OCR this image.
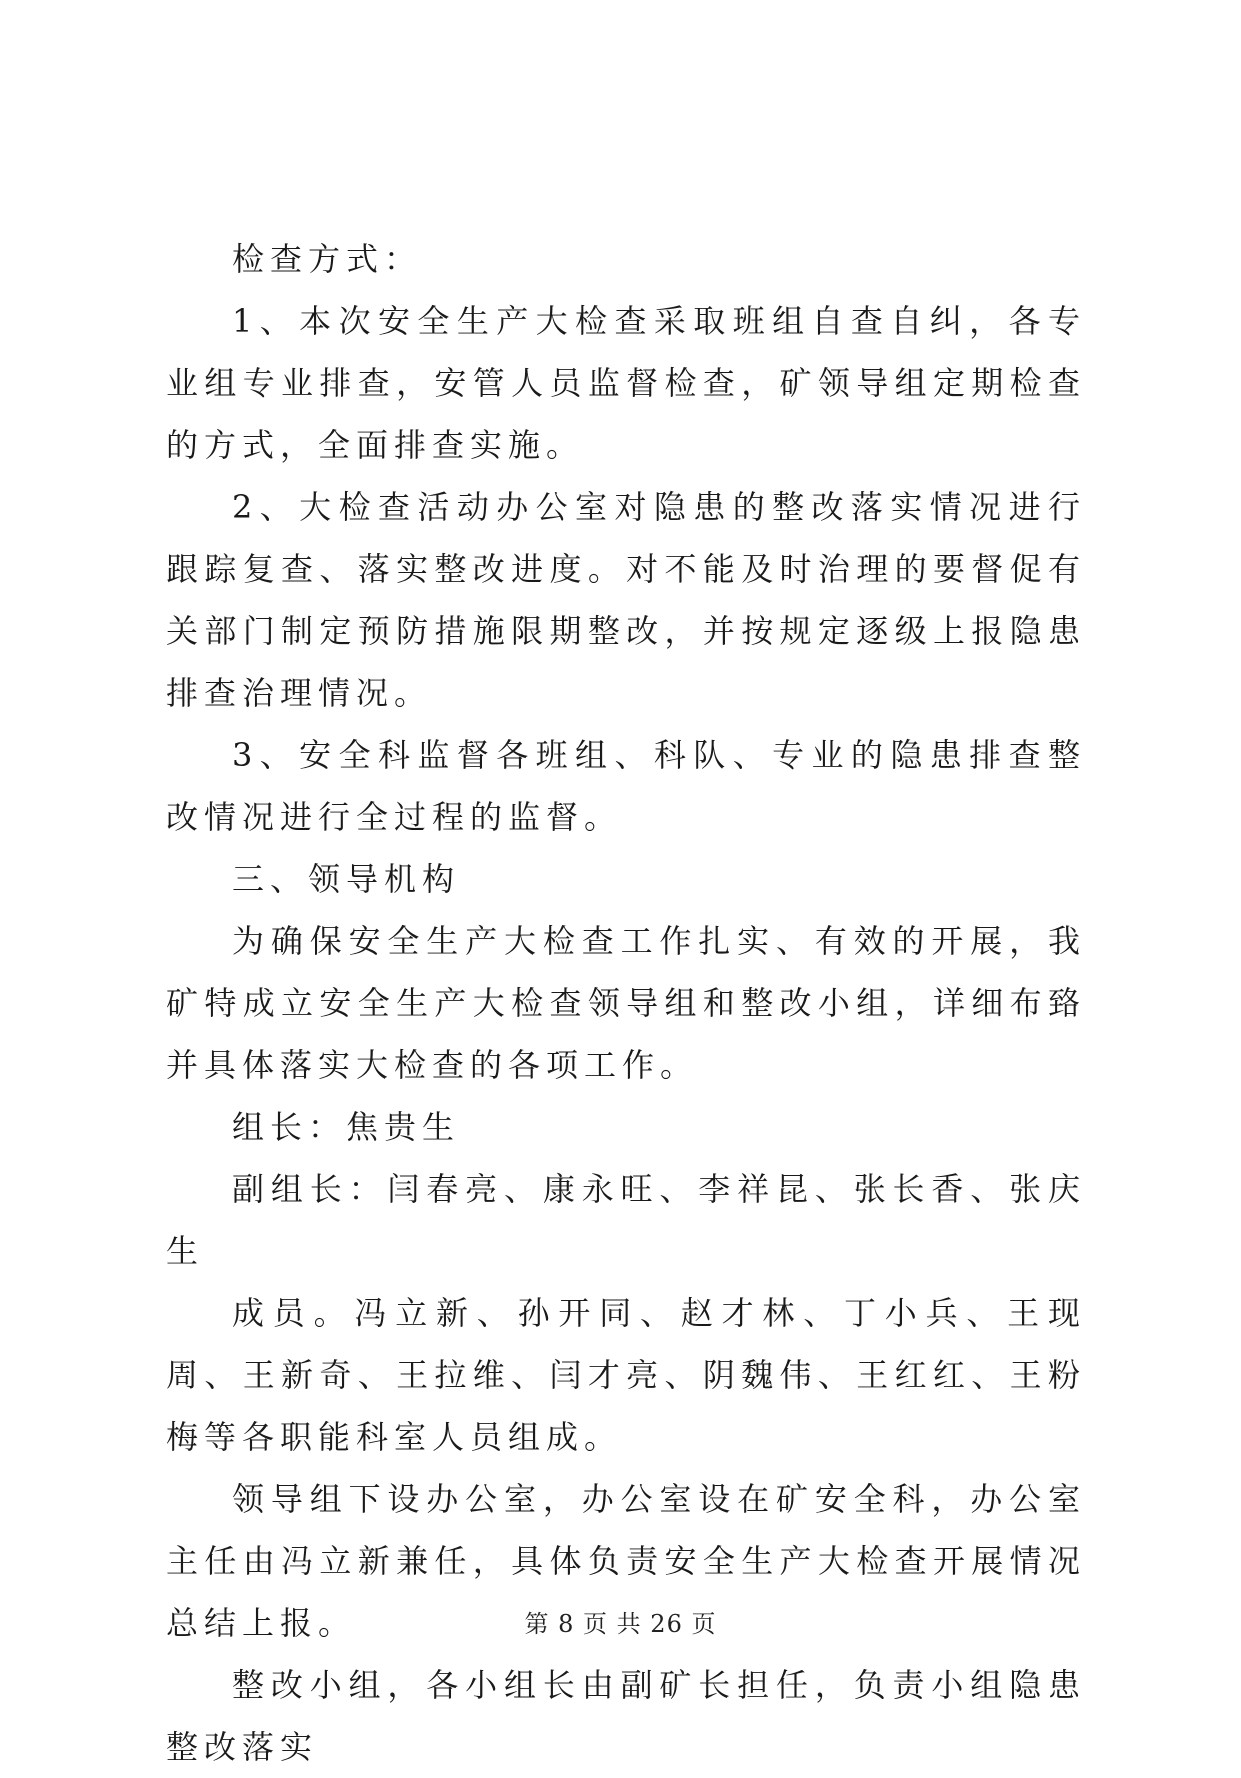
检查方式：

1、本次安全生产大检查采取班组自查自纠，各专业组专业排查，安管人员监督检查，矿领导组定期检查的方式，全面排查实施。

2、大检查活动办公室对隐患的整改落实情况进行跟踪复查、落实整改进度。对不能及时治理的要督促有关部门制定预防措施限期整改，并按规定逐级上报隐患排查治理情况。

3、安全科监督各班组、科队、专业的隐患排查整改情况进行全过程的监督。

三、领导机构

为确保安全生产大检查工作扎实、有效的开展，我矿特成立安全生产大检查领导组和整改小组，详细布臵并具体落实大检查的各项工作。

组长：焦贵生

副组长：闫春亮、康永旺、李祥昆、张长香、张庆生

成员。冯立新、孙开同、赵才林、丁小兵、王现周、王新奇、王拉维、闫才亮、阴魏伟、王红红、王粉梅等各职能科室人员组成。

领导组下设办公室，办公室设在矿安全科，办公室主任由冯立新兼任，具体负责安全生产大检查开展情况总结上报。

整改小组，各小组长由副矿长担任，负责小组隐患整改落实

第 8 页 共 26 页
